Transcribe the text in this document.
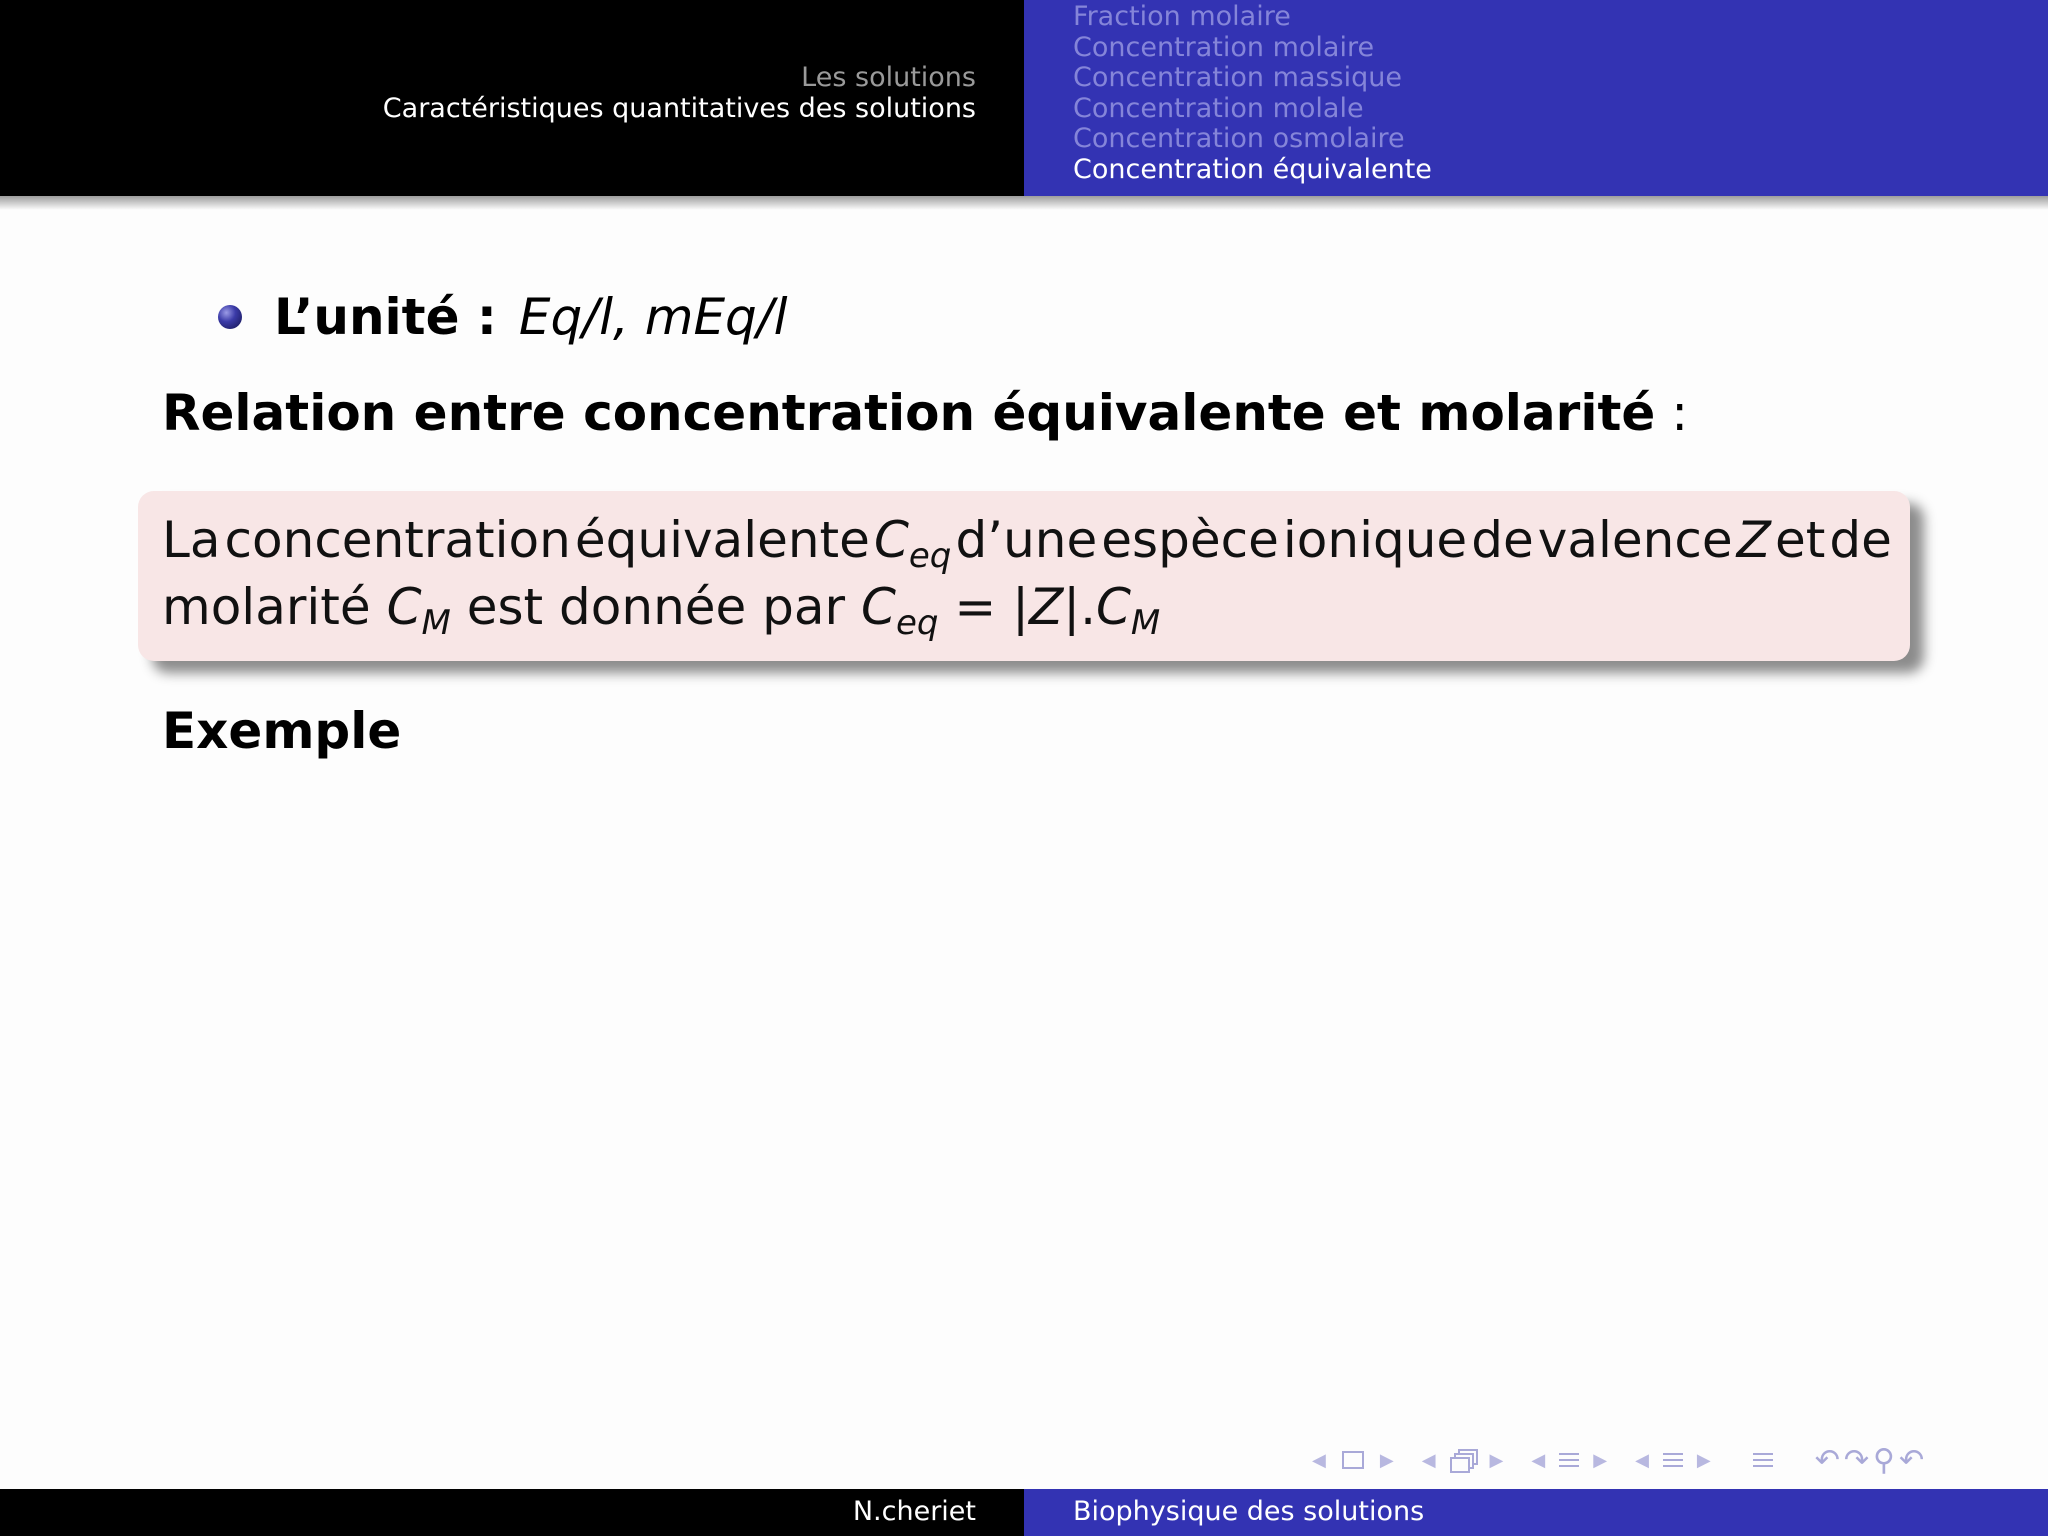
Les solutions
Caractéristiques quantitatives des solutions
Fraction molaire
Concentration molaire
Concentration massique
Concentration molale
Concentration osmolaire
Concentration équivalente
L’unité : Eq/l, mEq/l
Relation entre concentration équivalente et molarité :
La concentration équivalente $C_{eq}$ d’une espèce ionique de valence Z et de
molarité $C_M$ est donnée par $C_{eq} = |Z|.C_M$
Exemple
◀	▶ ◀	▶ ◀	▶ ◀	▶	↶ ↷ ⚲ ↶
N.cheriet	Biophysique des solutions
